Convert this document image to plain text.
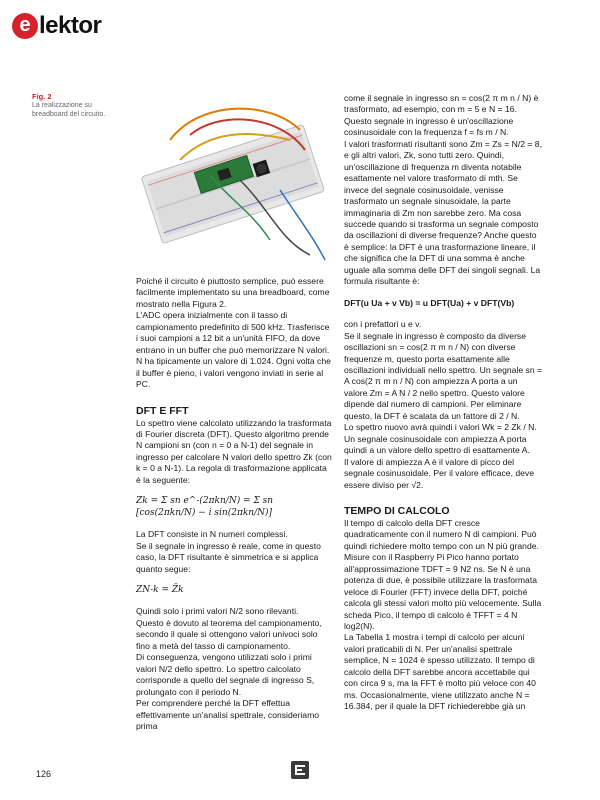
e lektor
Fig. 2
La realizzazione su breadboard del circuito.

Poiché il circuito è piuttosto semplice, può essere facilmente implementato su una breadboard, come mostrato nella Figura 2.

L'ADC opera inizialmente con il tasso di campionamento predefinito di 500 kHz. Trasferisce i suoi campioni a 12 bit a un'unità FIFO, da dove entrano in un buffer che può memorizzare N valori. N ha tipicamente un valore di 1.024. Ogni volta che il buffer è pieno, i valori vengono inviati in serie al PC.

DFT E FFT

Lo spettro viene calcolato utilizzando la trasformata di Fourier discreta (DFT). Questo algoritmo prende N campioni sn (con n = 0 a N-1) del segnale in ingresso per calcolare N valori dello spettro Zk (con k = 0 a N-1). La regola di trasformazione applicata è la seguente:

Zk = Σ sn e^-(2πkn/N) = Σ sn [cos(2πkn/N) − i sin(2πkn/N)]

La DFT consiste in N numeri complessi.

Se il segnale in ingresso è reale, come in questo caso, la DFT risultante è simmetrica e si applica quanto segue:

ZN-k = Z̄k

Quindi solo i primi valori N/2 sono rilevanti.

Questo è dovuto al teorema del campionamento, secondo il quale si ottengono valori univoci solo fino a metà del tasso di campionamento.

Di conseguenza, vengono utilizzati solo i primi valori N/2 dello spettro. Lo spettro calcolato corrisponde a quello del segnale di ingresso S, prolungato con il periodo N.

Per comprendere perché la DFT effettua effettivamente un'analisi spettrale, consideriamo prima

come il segnale in ingresso sn = cos(2 π m n / N) è trasformato, ad esempio, con m = 5 e N = 16. Questo segnale in ingresso è un'oscillazione cosinusoidale con la frequenza f = fs m / N.

I valori trasformati risultanti sono Zm = Zs = N/2 = 8, e gli altri valori, Zk, sono tutti zero. Quindi, un'oscillazione di frequenza m diventa notabile esattamente nel valore trasformato di mth. Se invece del segnale cosinusoidale, venisse trasformato un segnale sinusoidale, la parte immaginaria di Zm non sarebbe zero. Ma cosa succede quando si trasforma un segnale composto da oscillazioni di diverse frequenze? Anche questo è semplice: la DFT è una trasformazione lineare, il che significa che la DFT di una somma è anche uguale alla somma delle DFT dei singoli segnali. La formula risultante è:

DFT(u Ua + v Vb) = u DFT(Ua) + v DFT(Vb)

con i prefattori u e v.

Se il segnale in ingresso è composto da diverse oscillazioni sn = cos(2 π m n / N) con diverse frequenze m, questo porta esattamente alle oscillazioni individuali nello spettro. Un segnale sn = A cos(2 π m n / N) con ampiezza A porta a un valore Zm = A N / 2 nello spettro. Questo valore dipende dal numero di campioni. Per eliminare questo, la DFT è scalata da un fattore di 2 / N.

Lo spettro nuovo avrà quindi i valori Wk = 2 Zk / N. Un segnale cosinusoidale con ampiezza A porta quindi a un valore dello spettro di esattamente A.

Il valore di ampiezza A è il valore di picco del segnale cosinusoidale. Per il valore efficace, deve essere diviso per √2.

TEMPO DI CALCOLO

Il tempo di calcolo della DFT cresce quadraticamente con il numero N di campioni. Può quindi richiedere molto tempo con un N più grande. Misure con il Raspberry Pi Pico hanno portato all'approssimazione TDFT = 9 N2 ns. Se N è una potenza di due, è possibile utilizzare la trasformata veloce di Fourier (FFT) invece della DFT, poiché calcola gli stessi valori molto più velocemente. Sulla scheda Pico, il tempo di calcolo è TFFT = 4 N log2(N).

La Tabella 1 mostra i tempi di calcolo per alcuni valori praticabili di N. Per un'analisi spettrale semplice, N = 1024 è spesso utilizzato. Il tempo di calcolo della DFT sarebbe ancora accettabile qui con circa 9 s, ma la FFT è molto più veloce con 40 ms. Occasionalmente, viene utilizzato anche N = 16.384, per il quale la DFT richiederebbe già un

126
